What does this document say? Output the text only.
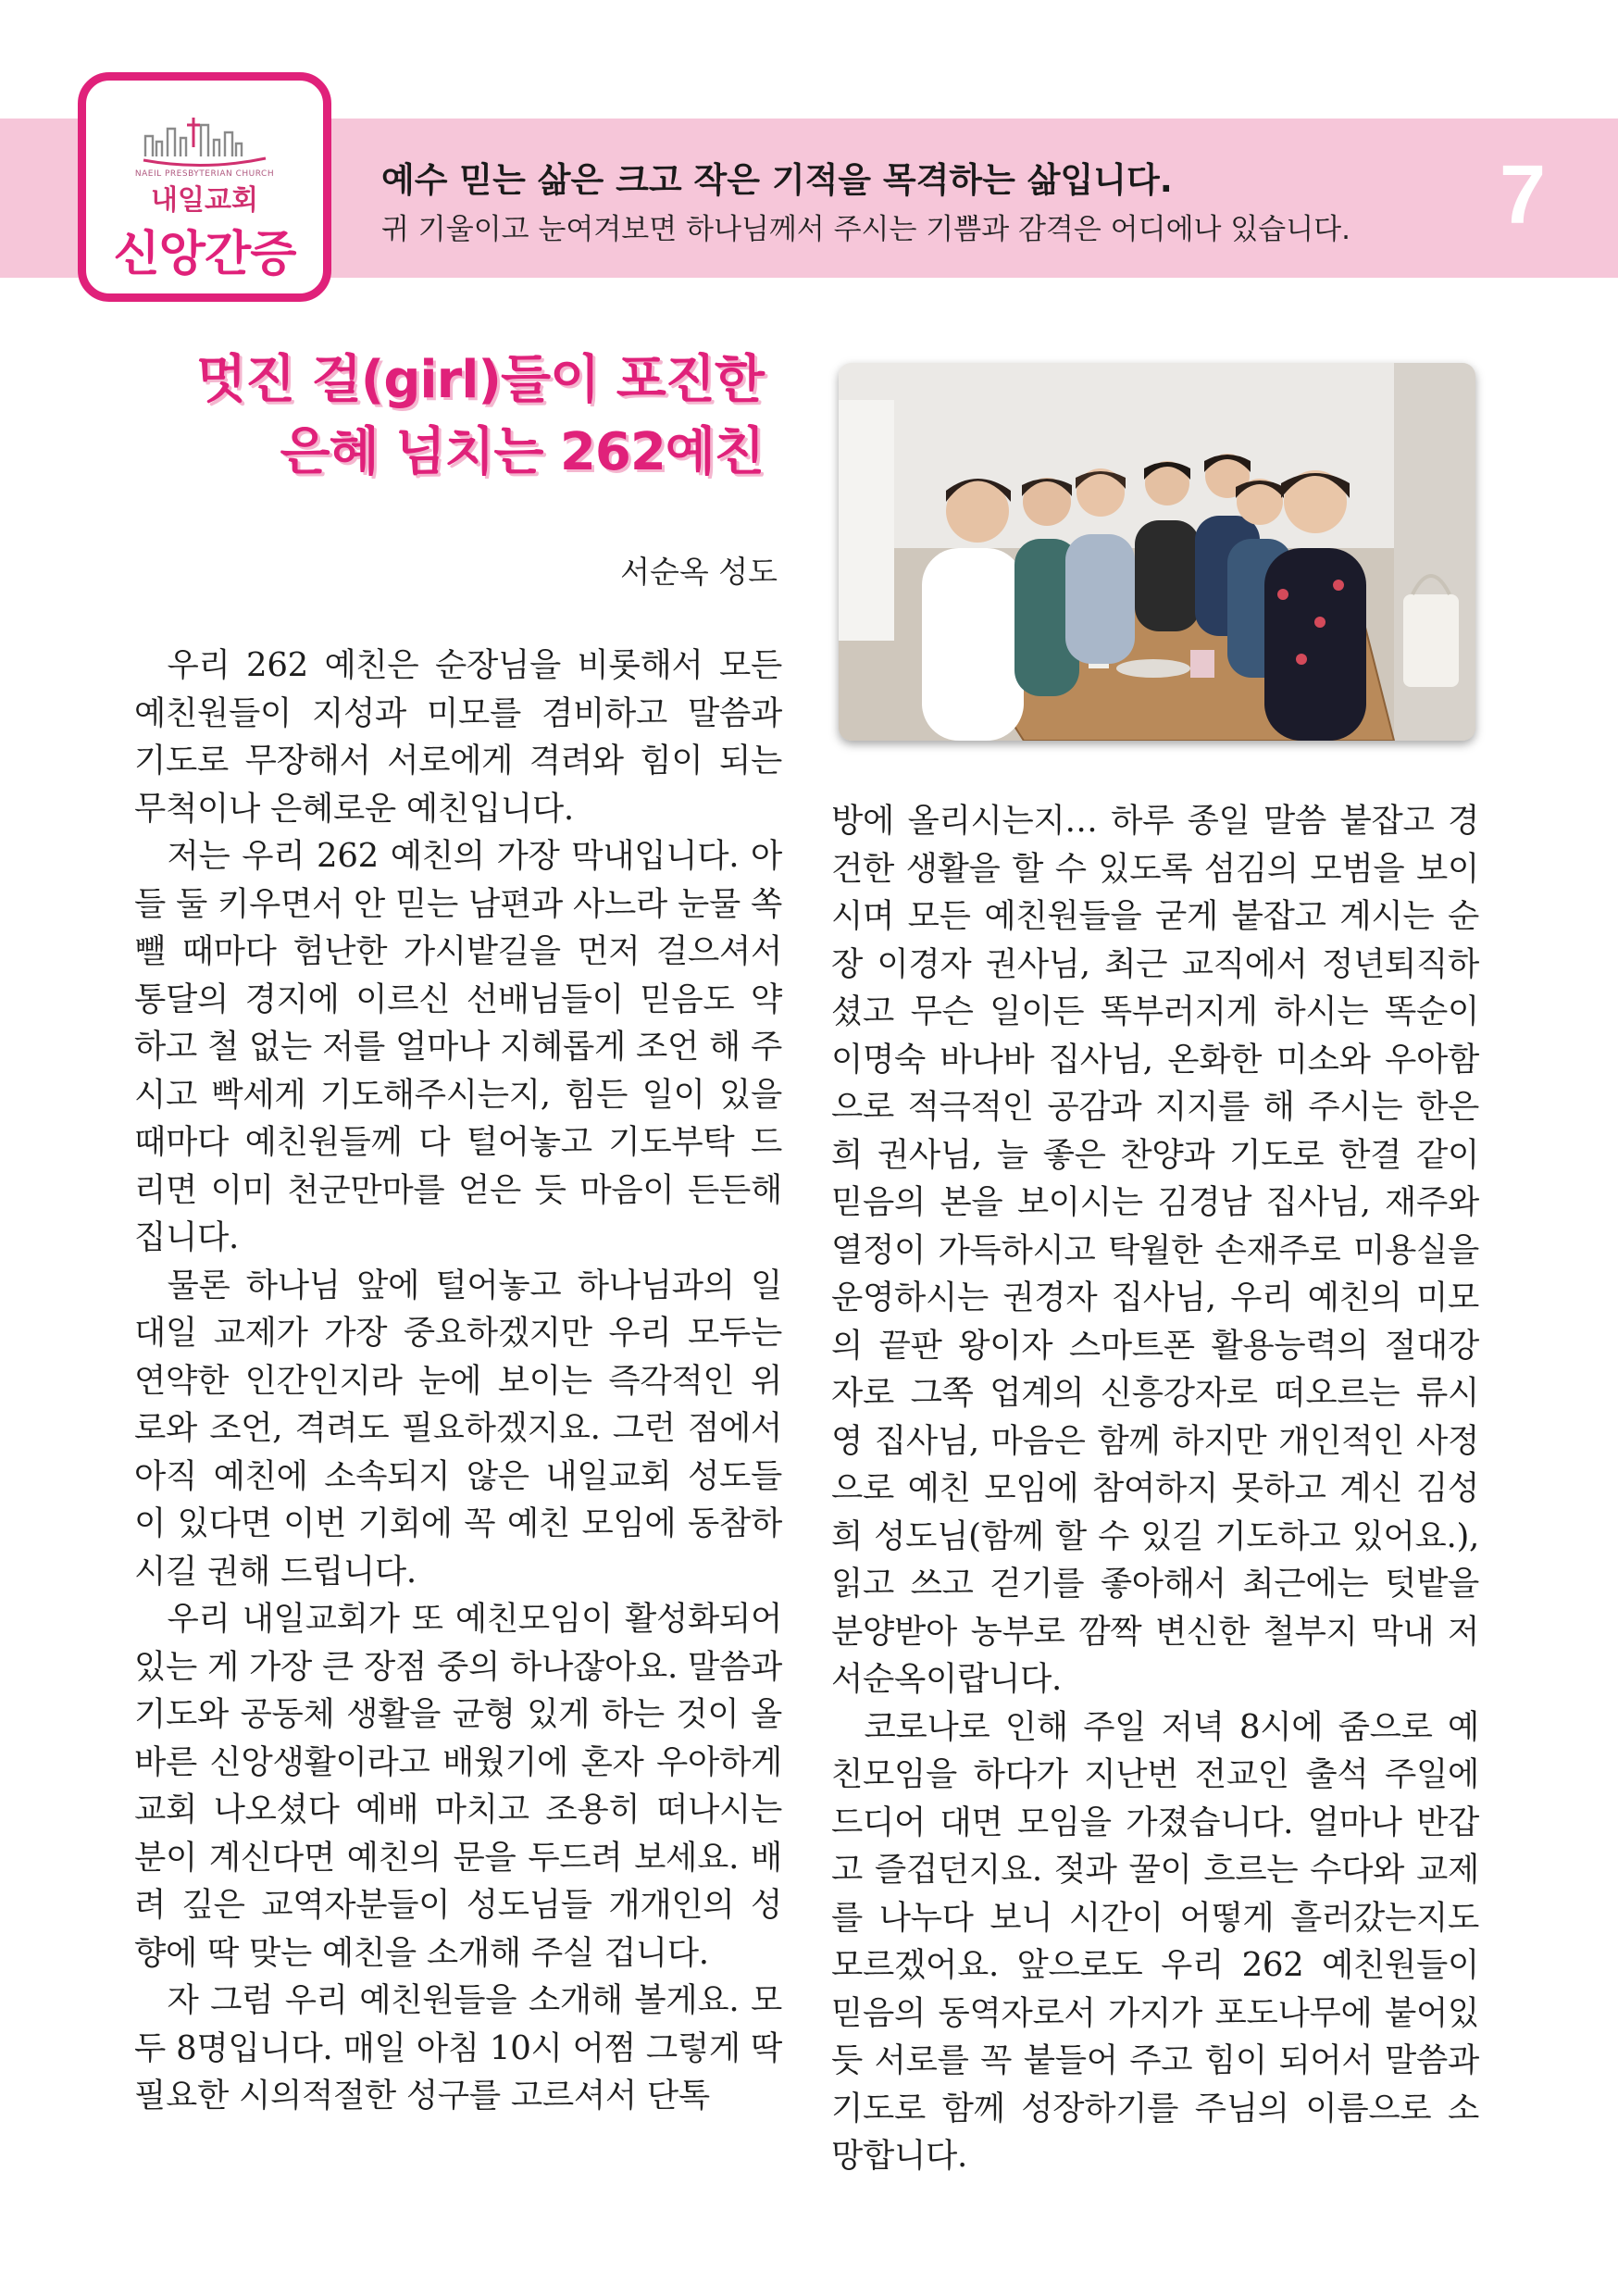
NAEIL PRESBYTERIAN CHURCH
내일교회
신앙간증
예수 믿는 삶은 크고 작은 기적을 목격하는 삶입니다.
귀 기울이고 눈여겨보면 하나님께서 주시는 기쁨과 감격은 어디에나 있습니다. 7
멋진 걸(girl)들이 포진한
은혜 넘치는 262예친
서순옥 성도

우리 262 예친은 순장님을 비롯해서 모든 예친원들이 지성과 미모를 겸비하고 말씀과 기도로 무장해서 서로에게 격려와 힘이 되는 무척이나 은혜로운 예친입니다.

저는 우리 262 예친의 가장 막내입니다. 아들 둘 키우면서 안 믿는 남편과 사느라 눈물 쏙 뺄 때마다 험난한 가시밭길을 먼저 걸으셔서 통달의 경지에 이르신 선배님들이 믿음도 약하고 철 없는 저를 얼마나 지혜롭게 조언 해 주시고 빡세게 기도해주시는지, 힘든 일이 있을 때마다 예친원들께 다 털어놓고 기도부탁 드리면 이미 천군만마를 얻은 듯 마음이 든든해집니다.

물론 하나님 앞에 털어놓고 하나님과의 일대일 교제가 가장 중요하겠지만 우리 모두는 연약한 인간인지라 눈에 보이는 즉각적인 위로와 조언, 격려도 필요하겠지요. 그런 점에서 아직 예친에 소속되지 않은 내일교회 성도들이 있다면 이번 기회에 꼭 예친 모임에 동참하시길 권해 드립니다.

우리 내일교회가 또 예친모임이 활성화되어 있는 게 가장 큰 장점 중의 하나잖아요. 말씀과 기도와 공동체 생활을 균형 있게 하는 것이 올바른 신앙생활이라고 배웠기에 혼자 우아하게 교회 나오셨다 예배 마치고 조용히 떠나시는 분이 계신다면 예친의 문을 두드려 보세요. 배려 깊은 교역자분들이 성도님들 개개인의 성향에 딱 맞는 예친을 소개해 주실 겁니다.

자 그럼 우리 예친원들을 소개해 볼게요. 모두 8명입니다. 매일 아침 10시 어쩜 그렇게 딱 필요한 시의적절한 성구를 고르셔서 단톡

방에 올리시는지… 하루 종일 말씀 붙잡고 경건한 생활을 할 수 있도록 섬김의 모범을 보이시며 모든 예친원들을 굳게 붙잡고 계시는 순장 이경자 권사님, 최근 교직에서 정년퇴직하셨고 무슨 일이든 똑부러지게 하시는 똑순이 이명숙 바나바 집사님, 온화한 미소와 우아함으로 적극적인 공감과 지지를 해 주시는 한은희 권사님, 늘 좋은 찬양과 기도로 한결 같이 믿음의 본을 보이시는 김경남 집사님, 재주와 열정이 가득하시고 탁월한 손재주로 미용실을 운영하시는 권경자 집사님, 우리 예친의 미모의 끝판 왕이자 스마트폰 활용능력의 절대강자로 그쪽 업계의 신흥강자로 떠오르는 류시영 집사님, 마음은 함께 하지만 개인적인 사정으로 예친 모임에 참여하지 못하고 계신 김성희 성도님(함께 할 수 있길 기도하고 있어요.), 읽고 쓰고 걷기를 좋아해서 최근에는 텃밭을 분양받아 농부로 깜짝 변신한 철부지 막내 저 서순옥이랍니다.

코로나로 인해 주일 저녁 8시에 줌으로 예친모임을 하다가 지난번 전교인 출석 주일에 드디어 대면 모임을 가졌습니다. 얼마나 반갑고 즐겁던지요. 젖과 꿀이 흐르는 수다와 교제를 나누다 보니 시간이 어떻게 흘러갔는지도 모르겠어요. 앞으로도 우리 262 예친원들이 믿음의 동역자로서 가지가 포도나무에 붙어있듯 서로를 꼭 붙들어 주고 힘이 되어서 말씀과 기도로 함께 성장하기를 주님의 이름으로 소망합니다.
